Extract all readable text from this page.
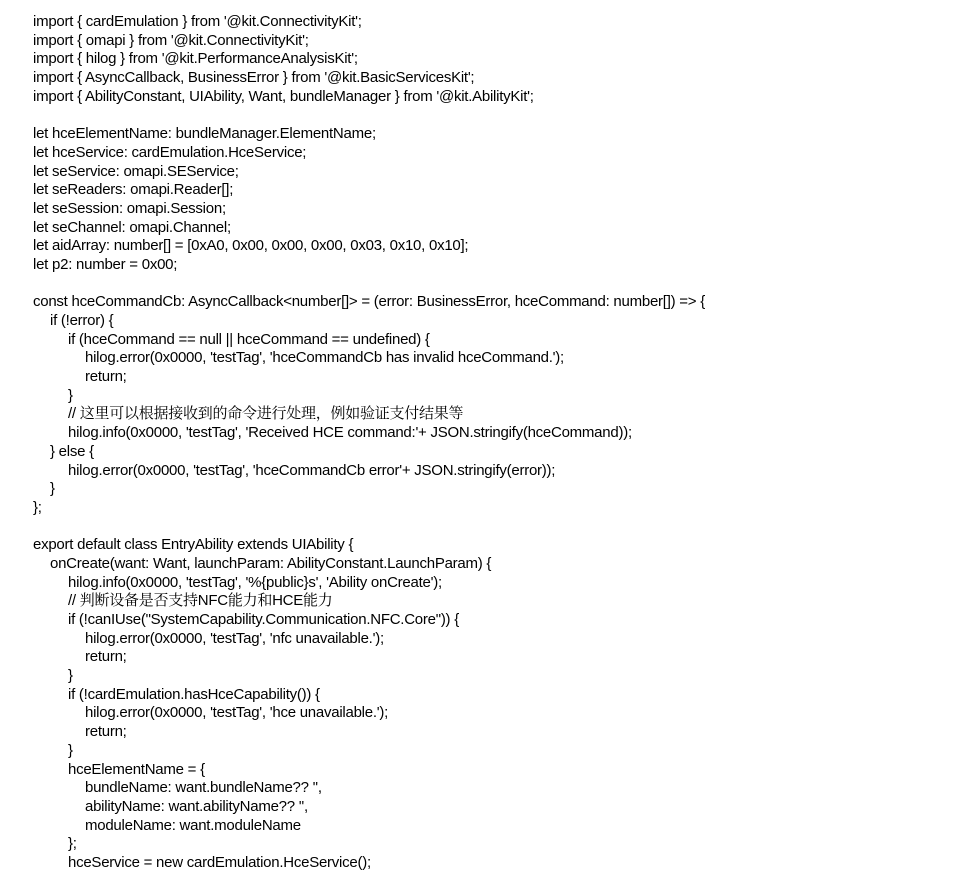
import { cardEmulation } from '@kit.ConnectivityKit';
import { omapi } from '@kit.ConnectivityKit';
import { hilog } from '@kit.PerformanceAnalysisKit';
import { AsyncCallback, BusinessError } from '@kit.BasicServicesKit';
import { AbilityConstant, UIAbility, Want, bundleManager } from '@kit.AbilityKit';
let hceElementName: bundleManager.ElementName;
let hceService: cardEmulation.HceService;
let seService: omapi.SEService;
let seReaders: omapi.Reader[];
let seSession: omapi.Session;
let seChannel: omapi.Channel;
let aidArray: number[] = [0xA0, 0x00, 0x00, 0x00, 0x03, 0x10, 0x10];
let p2: number = 0x00;
const hceCommandCb: AsyncCallback<number[]> = (error: BusinessError, hceCommand: number[]) => {
if (!error) {
if (hceCommand == null || hceCommand == undefined) {
hilog.error(0x0000, 'testTag', 'hceCommandCb has invalid hceCommand.');
return;
}
// 这里可以根据接收到的命令进行处理，例如验证支付结果等
hilog.info(0x0000, 'testTag', 'Received HCE command:'+ JSON.stringify(hceCommand));
} else {
hilog.error(0x0000, 'testTag', 'hceCommandCb error'+ JSON.stringify(error));
}
};
export default class EntryAbility extends UIAbility {
onCreate(want: Want, launchParam: AbilityConstant.LaunchParam) {
hilog.info(0x0000, 'testTag', '%{public}s', 'Ability onCreate');
// 判断设备是否支持NFC能力和HCE能力
if (!canIUse("SystemCapability.Communication.NFC.Core")) {
hilog.error(0x0000, 'testTag', 'nfc unavailable.');
return;
}
if (!cardEmulation.hasHceCapability()) {
hilog.error(0x0000, 'testTag', 'hce unavailable.');
return;
}
hceElementName = {
bundleName: want.bundleName?? '',
abilityName: want.abilityName?? '',
moduleName: want.moduleName
};
hceService = new cardEmulation.HceService();
